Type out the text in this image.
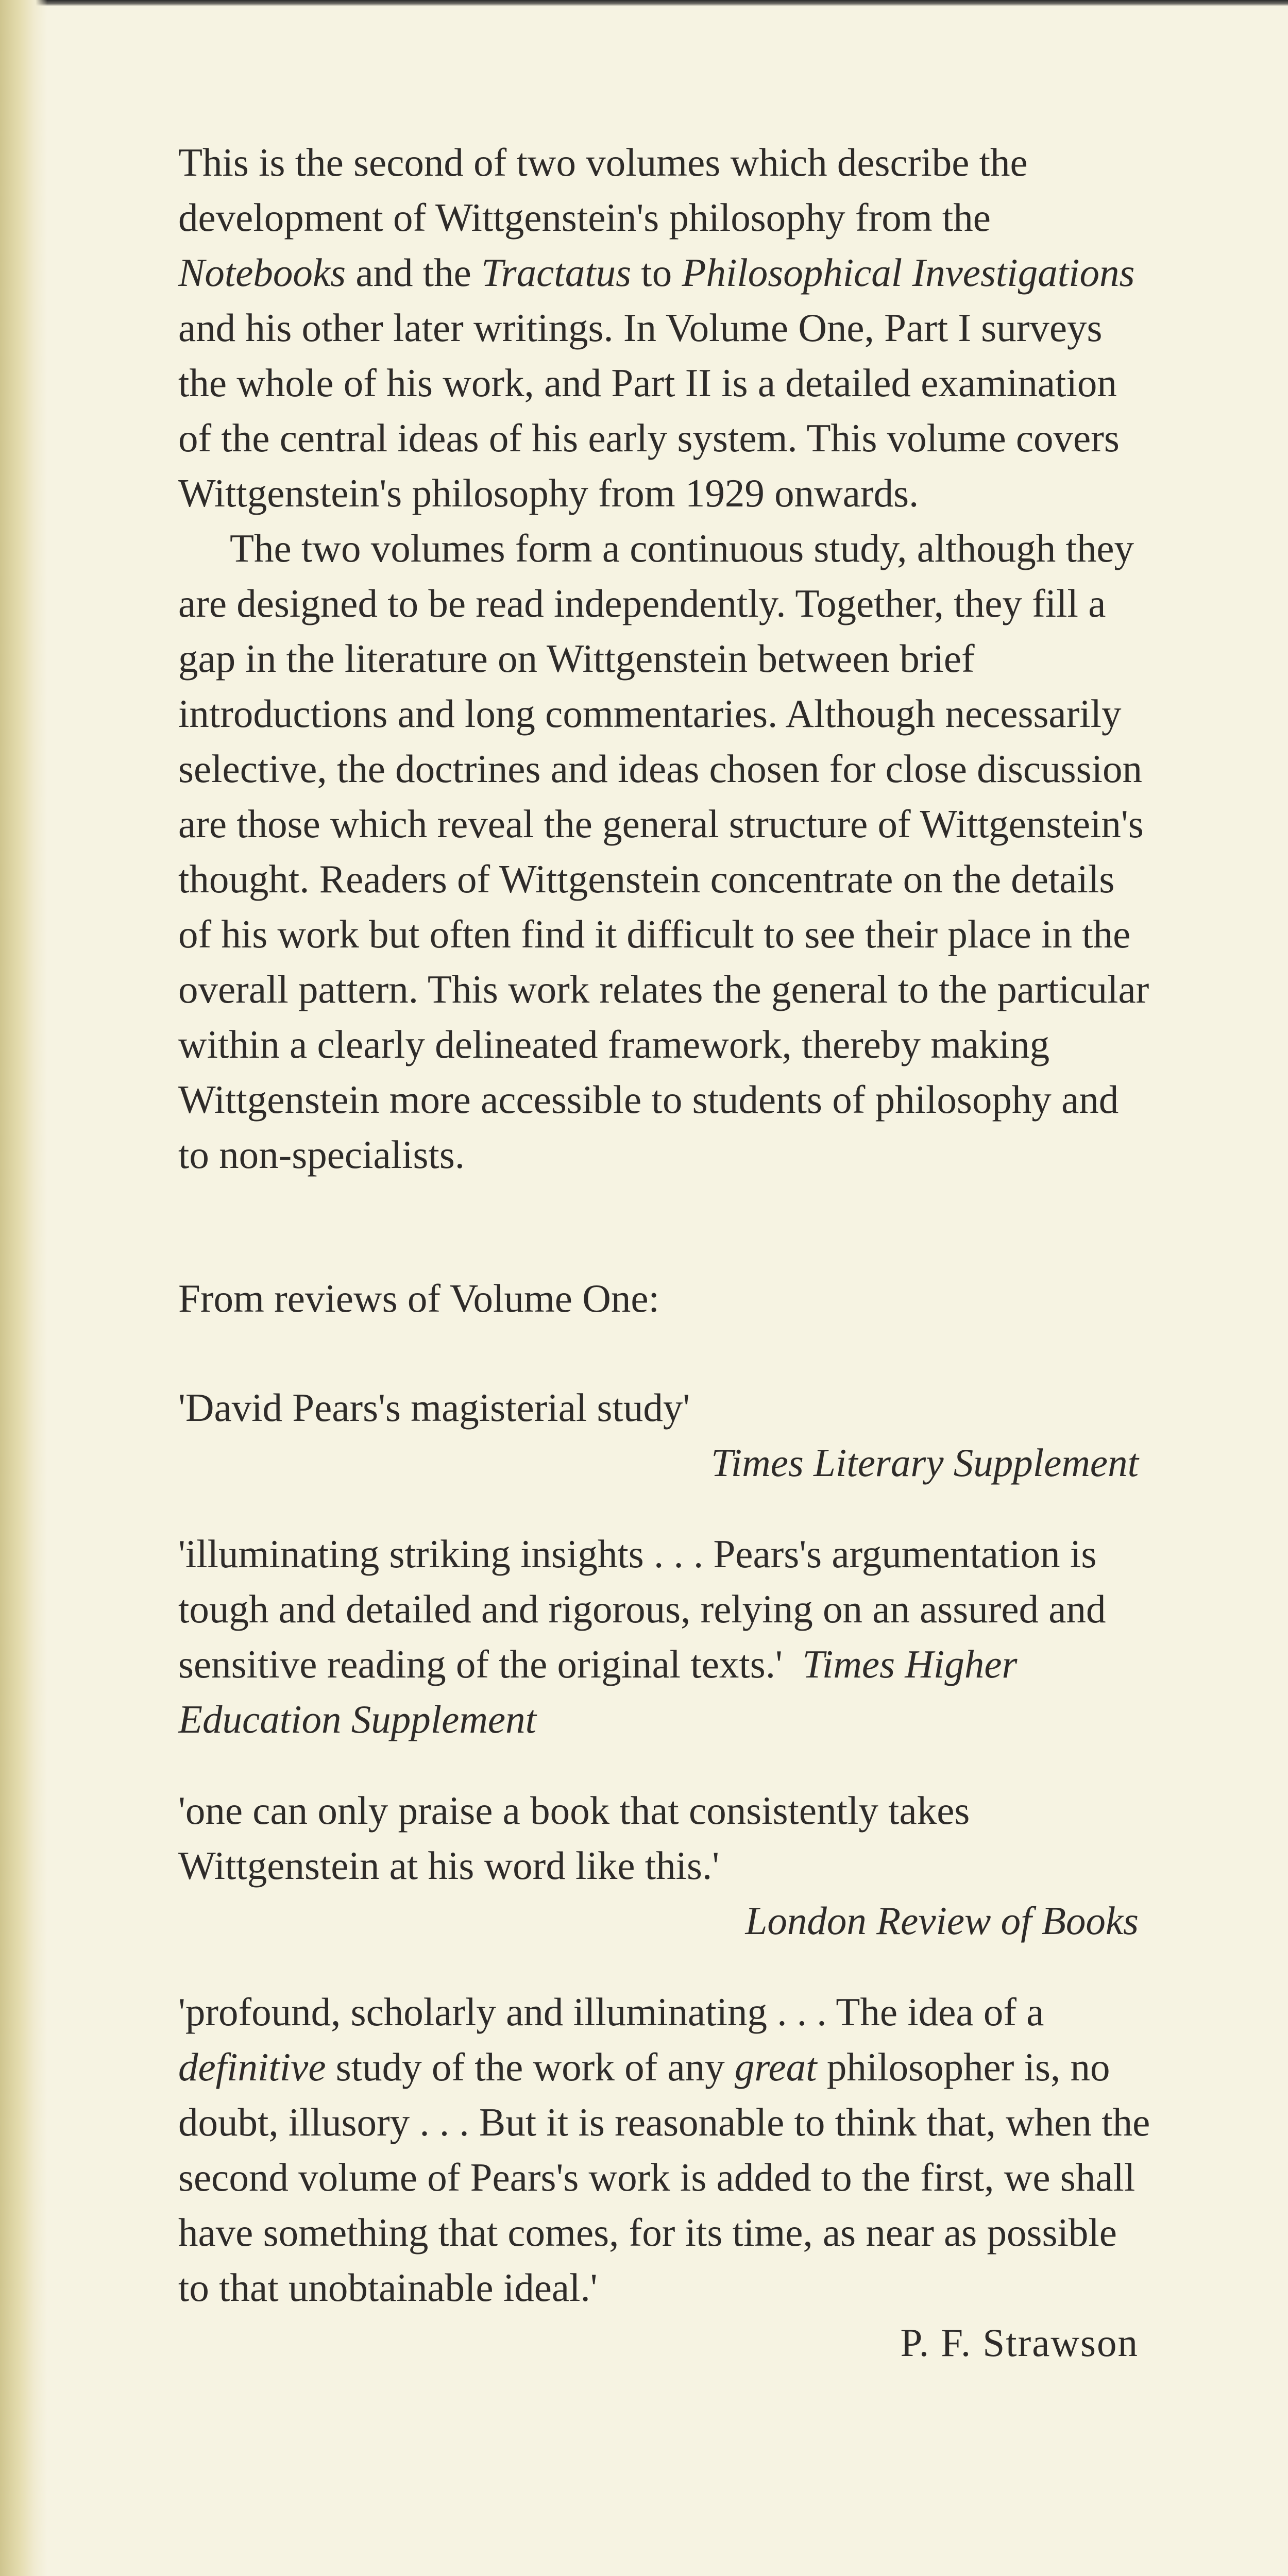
This is the second of two volumes which describe the development of Wittgenstein's philosophy from the Notebooks and the Tractatus to Philosophical Investigations and his other later writings. In Volume One, Part I surveys the whole of his work, and Part II is a detailed examination of the central ideas of his early system. This volume covers Wittgenstein's philosophy from 1929 onwards.

The two volumes form a continuous study, although they are designed to be read independently. Together, they fill a gap in the literature on Wittgenstein between brief introductions and long commentaries. Although necessarily selective, the doctrines and ideas chosen for close discussion are those which reveal the general structure of Wittgenstein's thought. Readers of Wittgenstein concentrate on the details of his work but often find it difficult to see their place in the overall pattern. This work relates the general to the particular within a clearly delineated framework, thereby making Wittgenstein more accessible to students of philosophy and to non-specialists.

From reviews of Volume One:

'David Pears's magisterial study'

Times Literary Supplement

'illuminating striking insights . . . Pears's argumentation is tough and detailed and rigorous, relying on an assured and sensitive reading of the original texts.' Times Higher Education Supplement

'one can only praise a book that consistently takes Wittgenstein at his word like this.'

London Review of Books

'profound, scholarly and illuminating . . . The idea of a definitive study of the work of any great philosopher is, no doubt, illusory . . . But it is reasonable to think that, when the second volume of Pears's work is added to the first, we shall have something that comes, for its time, as near as possible to that unobtainable ideal.'

P. F. Strawson
